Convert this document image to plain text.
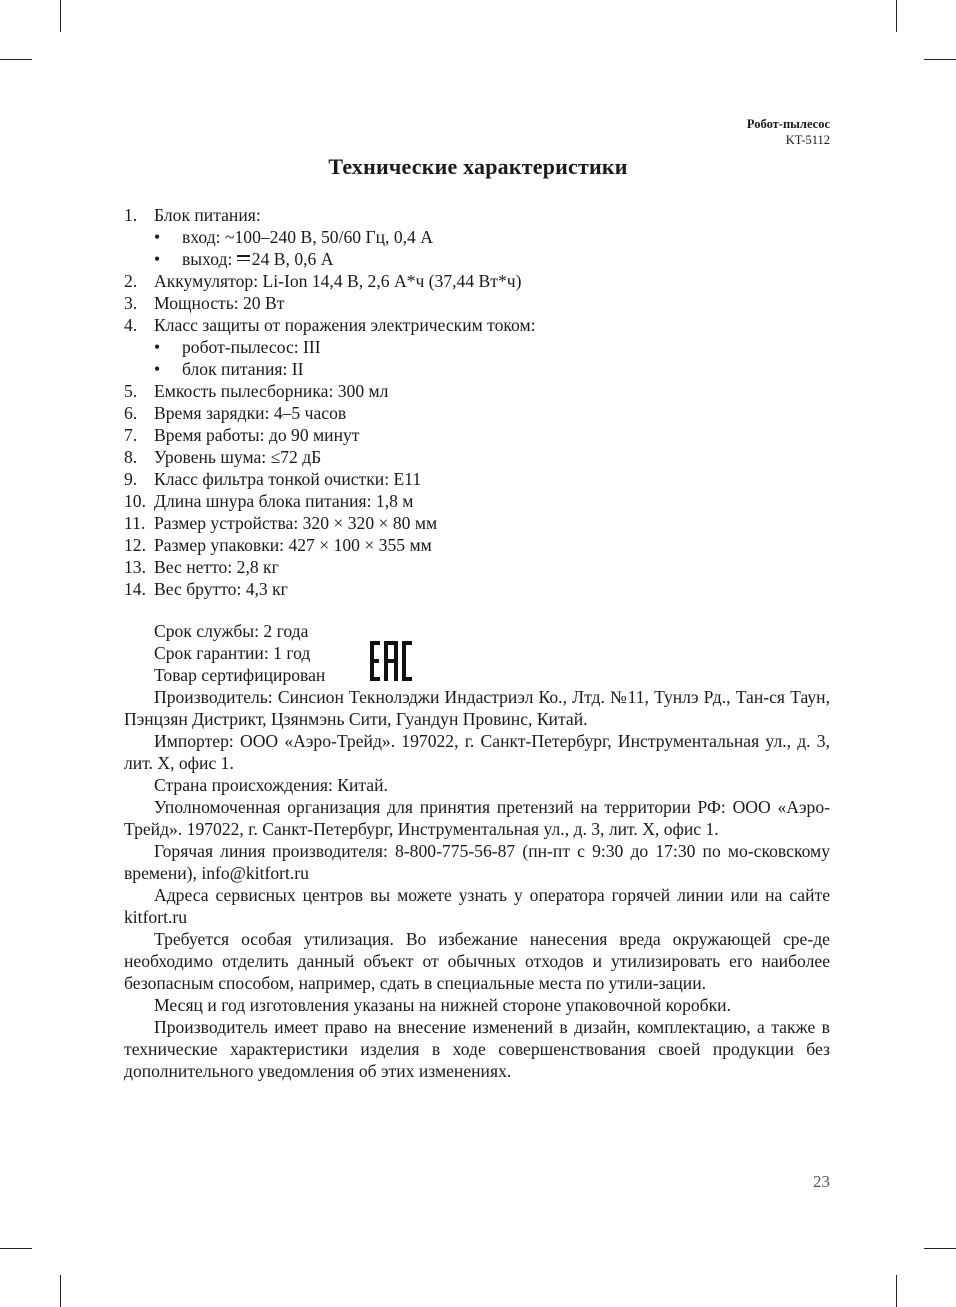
Робот-пылесос
KT-5112
Технические характеристики
1. Блок питания:
• вход: ~100–240 В, 50/60 Гц, 0,4 А
• выход: 24 В, 0,6 А
2. Аккумулятор: Li-Ion 14,4 В, 2,6 А*ч (37,44 Вт*ч)
3. Мощность: 20 Вт
4. Класс защиты от поражения электрическим током:
• робот-пылесос: III
• блок питания: II
5. Емкость пылесборника: 300 мл
6. Время зарядки: 4–5 часов
7. Время работы: до 90 минут
8. Уровень шума: ≤72 дБ
9. Класс фильтра тонкой очистки: E11
10. Длина шнура блока питания: 1,8 м
11. Размер устройства: 320 × 320 × 80 мм
12. Размер упаковки: 427 × 100 × 355 мм
13. Вес нетто: 2,8 кг
14. Вес брутто: 4,3 кг
Срок службы: 2 года
Срок гарантии: 1 год
Товар сертифицирован

Производитель: Синсион Текнолэджи Индастриэл Ко., Лтд. №11, Тунлэ Рд., Тан-ся Таун, Пэнцзян Дистрикт, Цзянмэнь Сити, Гуандун Провинс, Китай.

Импортер: ООО «Аэро-Трейд». 197022, г. Санкт-Петербург, Инструментальная ул., д. 3, лит. Х, офис 1.

Страна происхождения: Китай.

Уполномоченная организация для принятия претензий на территории РФ: ООО «Аэро-Трейд». 197022, г. Санкт-Петербург, Инструментальная ул., д. 3, лит. Х, офис 1.

Горячая линия производителя: 8-800-775-56-87 (пн-пт с 9:30 до 17:30 по мо-сковскому времени), info@kitfort.ru

Адреса сервисных центров вы можете узнать у оператора горячей линии или на сайте kitfort.ru

Требуется особая утилизация. Во избежание нанесения вреда окружающей сре-де необходимо отделить данный объект от обычных отходов и утилизировать его наиболее безопасным способом, например, сдать в специальные места по утили-зации.

Месяц и год изготовления указаны на нижней стороне упаковочной коробки.

Производитель имеет право на внесение изменений в дизайн, комплектацию, а также в технические характеристики изделия в ходе совершенствования своей продукции без дополнительного уведомления об этих изменениях.

23
